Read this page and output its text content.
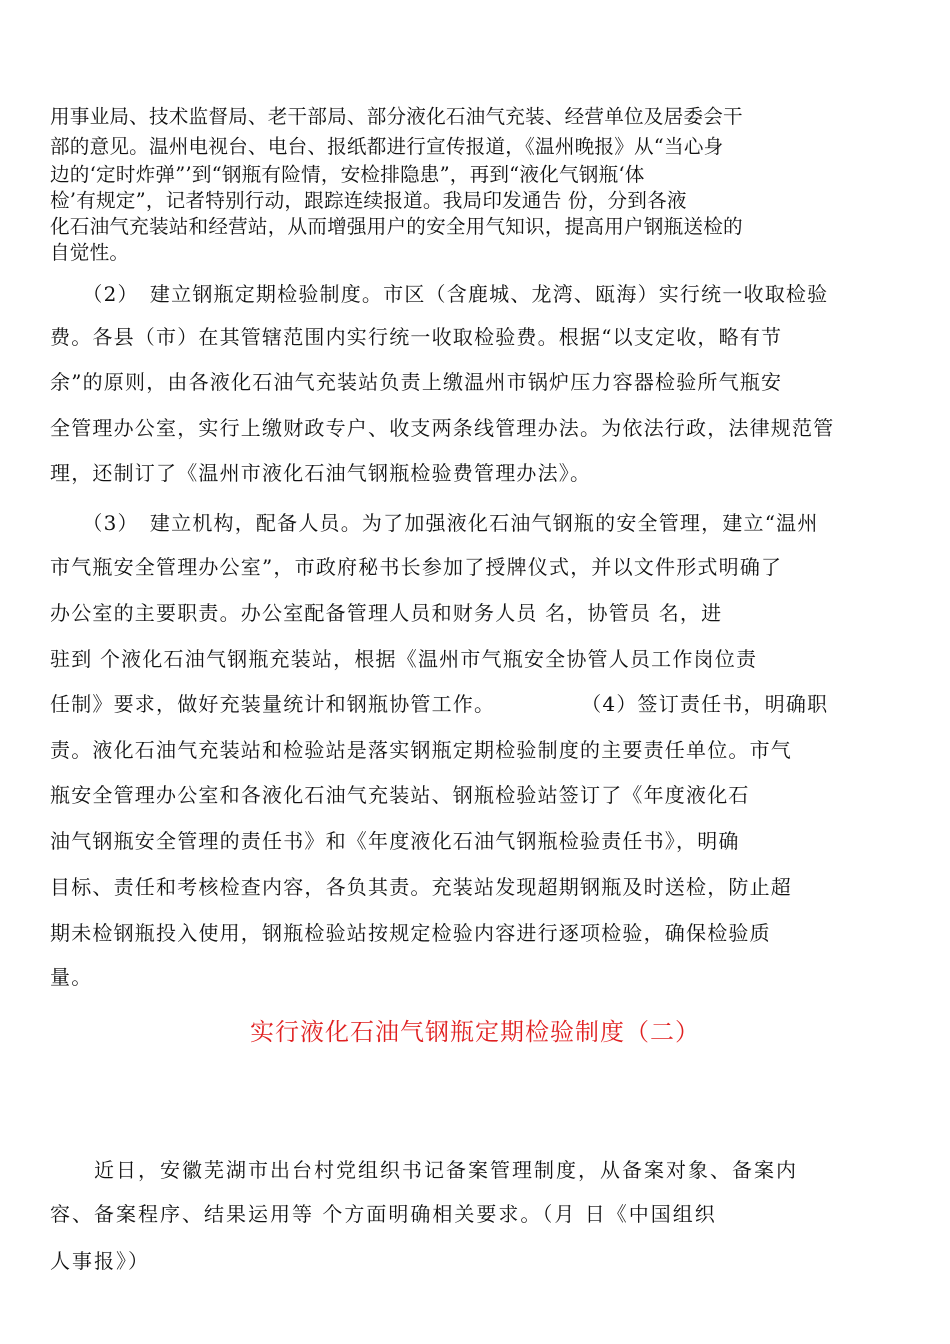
用事业局、技术监督局、老干部局、部分液化石油气充装、经营单位及居委会干

部的意见。温州电视台、电台、报纸都进行宣传报道，《温州晚报》从“当心身

边的‘定时炸弹”’到“钢瓶有险情，安检排隐患”，再到“液化气钢瓶‘体

检’有规定”，记者特别行动，跟踪连续报道。我局印发通告 份，分到各液

化石油气充装站和经营站，从而增强用户的安全用气知识，提高用户钢瓶送检的

自觉性。

　　（2）　建立钢瓶定期检验制度。市区（含鹿城、龙湾、瓯海）实行统一收取检验

费。各县（市）在其管辖范围内实行统一收取检验费。根据“以支定收，略有节

余”的原则，由各液化石油气充装站负责上缴温州市锅炉压力容器检验所气瓶安

全管理办公室，实行上缴财政专户、收支两条线管理办法。为依法行政，法律规范管

理，还制订了《温州市液化石油气钢瓶检验费管理办法》。

　　（3）　建立机构，配备人员。为了加强液化石油气钢瓶的安全管理，建立“温州

市气瓶安全管理办公室”，市政府秘书长参加了授牌仪式，并以文件形式明确了

办公室的主要职责。办公室配备管理人员和财务人员 名，协管员 名，进

驻到 个液化石油气钢瓶充装站，根据《温州市气瓶安全协管人员工作岗位责

任制》要求，做好充装量统计和钢瓶协管工作。　　　　　（4）签订责任书，明确职

责。液化石油气充装站和检验站是落实钢瓶定期检验制度的主要责任单位。市气

瓶安全管理办公室和各液化石油气充装站、钢瓶检验站签订了《年度液化石

油气钢瓶安全管理的责任书》和《年度液化石油气钢瓶检验责任书》，明确

目标、责任和考核检查内容，各负其责。充装站发现超期钢瓶及时送检，防止超

期未检钢瓶投入使用，钢瓶检验站按规定检验内容进行逐项检验，确保检验质

量。

实行液化石油气钢瓶定期检验制度（二）

　　近日，安徽芜湖市出台村党组织书记备案管理制度，从备案对象、备案内

容、备案程序、结果运用等 个方面明确相关要求。（月 日《中国组织

人事报》）
